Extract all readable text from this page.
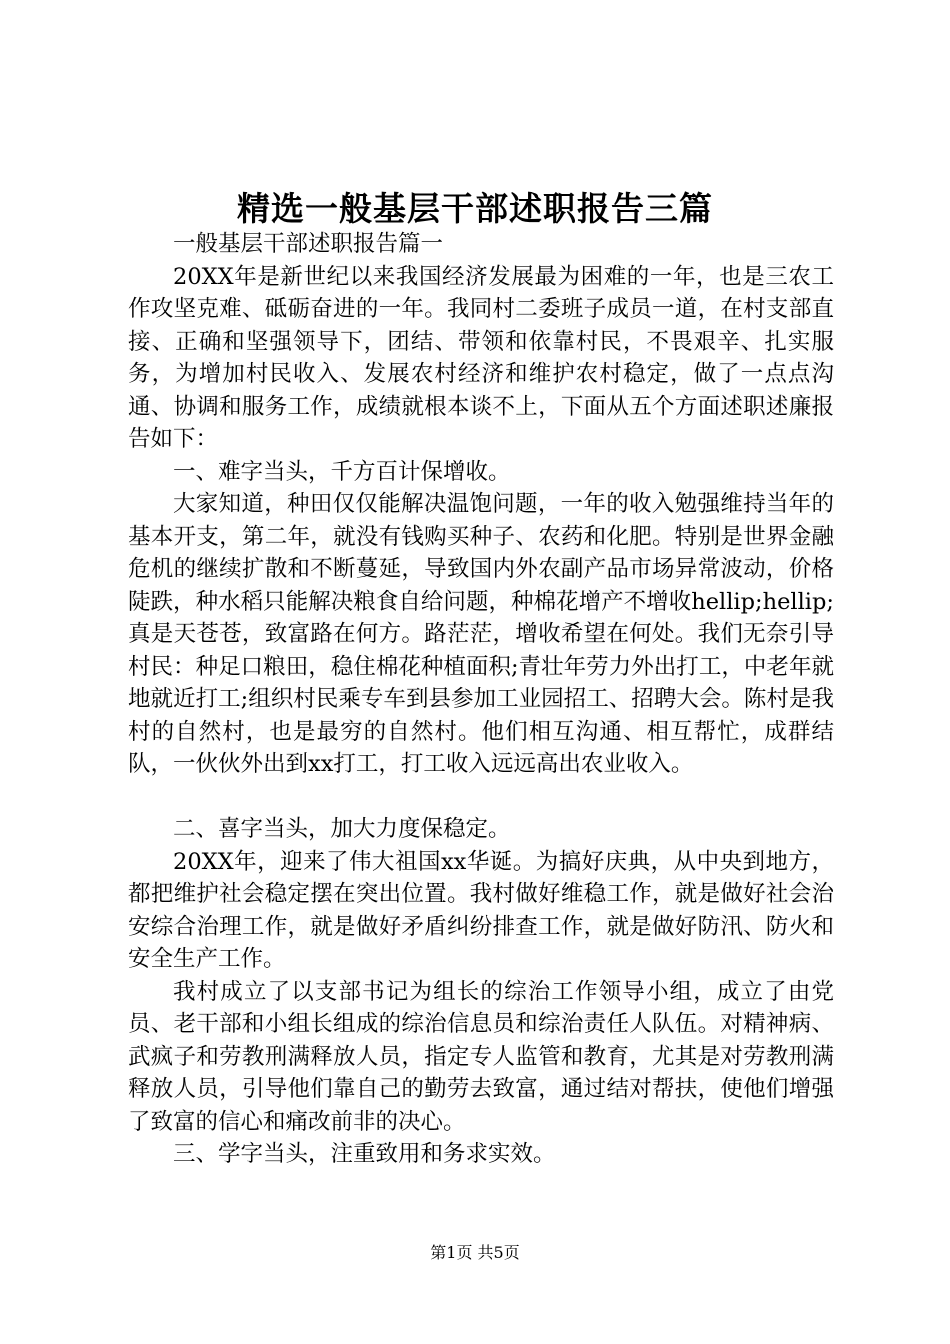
精选一般基层干部述职报告三篇

一般基层干部述职报告篇一

20XX年是新世纪以来我国经济发展最为困难的一年，也是三农工作攻坚克难、砥砺奋进的一年。我同村二委班子成员一道，在村支部直接、正确和坚强领导下，团结、带领和依靠村民，不畏艰辛、扎实服务，为增加村民收入、发展农村经济和维护农村稳定，做了一点点沟通、协调和服务工作，成绩就根本谈不上，下面从五个方面述职述廉报告如下：

一、难字当头，千方百计保增收。

大家知道，种田仅仅能解决温饱问题，一年的收入勉强维持当年的基本开支，第二年，就没有钱购买种子、农药和化肥。特别是世界金融危机的继续扩散和不断蔓延，导致国内外农副产品市场异常波动，价格陡跌，种水稻只能解决粮食自给问题，种棉花增产不增收hellip;hellip;真是天苍苍，致富路在何方。路茫茫，增收希望在何处。我们无奈引导村民：种足口粮田，稳住棉花种植面积;青壮年劳力外出打工，中老年就地就近打工;组织村民乘专车到县参加工业园招工、招聘大会。陈村是我村的自然村，也是最穷的自然村。他们相互沟通、相互帮忙，成群结队，一伙伙外出到xx打工，打工收入远远高出农业收入。

二、喜字当头，加大力度保稳定。

20XX年，迎来了伟大祖国xx华诞。为搞好庆典，从中央到地方，都把维护社会稳定摆在突出位置。我村做好维稳工作，就是做好社会治安综合治理工作，就是做好矛盾纠纷排查工作，就是做好防汛、防火和安全生产工作。

我村成立了以支部书记为组长的综治工作领导小组，成立了由党员、老干部和小组长组成的综治信息员和综治责任人队伍。对精神病、武疯子和劳教刑满释放人员，指定专人监管和教育，尤其是对劳教刑满释放人员，引导他们靠自己的勤劳去致富，通过结对帮扶，使他们增强了致富的信心和痛改前非的决心。

三、学字当头，注重致用和务求实效。

第1页 共5页
